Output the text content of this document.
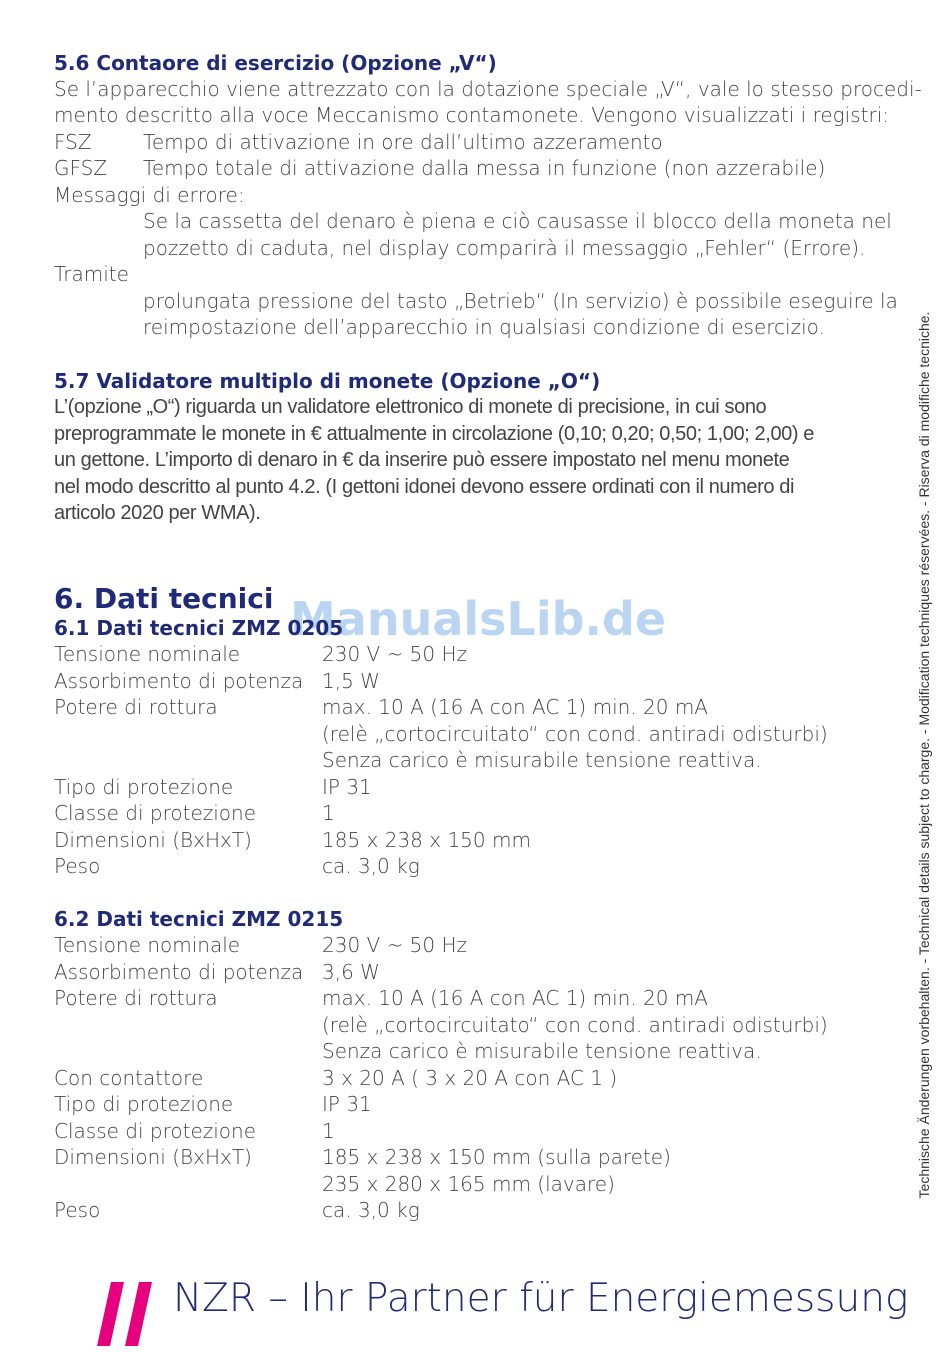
5.6 Contaore di esercizio (Opzione „V“)

Se l’apparecchio viene attrezzato con la dotazione speciale „V“, vale lo stesso procedi-

mento descritto alla voce Meccanismo contamonete. Vengono visualizzati i registri:

FSZ	Tempo di attivazione in ore dall’ultimo azzeramento

GFSZ Tempo totale di attivazione dalla messa in funzione (non azzerabile)

Messaggi di errore:

Se la cassetta del denaro è piena e ciò causasse il blocco della moneta nel

pozzetto di caduta, nel display comparirà il messaggio „Fehler“ (Errore).

Tramite

prolungata pressione del tasto „Betrieb“ (In servizio) è possibile eseguire la

reimpostazione dell’apparecchio in qualsiasi condizione di esercizio.

5.7 Validatore multiplo di monete (Opzione „O“)

L’(opzione „O“) riguarda un validatore elettronico di monete di precisione, in cui sono

preprogrammate le monete in € attualmente in circolazione (0,10; 0,20; 0,50; 1,00; 2,00) e

un gettone. L’importo di denaro in € da inserire può essere impostato nel menu monete

nel modo descritto al punto 4.2. (I gettoni idonei devono essere ordinati con il numero di

articolo 2020 per WMA).

6. Dati tecnici ManualsLib.de

6.1 Dati tecnici ZMZ 0205

Tensione nominale	230 V ~ 50 Hz

Assorbimento di potenza 1,5 W

Potere di rottura	max. 10 A (16 A con AC 1) min. 20 mA

(relè „cortocircuitato“ con cond. antiradi odisturbi)

Senza carico è misurabile tensione reattiva.

Tipo di protezione	IP 31

Classe di protezione	1

Dimensioni (BxHxT)	185 x 238 x 150 mm

Peso	ca. 3,0 kg

6.2 Dati tecnici ZMZ 0215

Tensione nominale	230 V ~ 50 Hz

Assorbimento di potenza 3,6 W

Potere di rottura	max. 10 A (16 A con AC 1) min. 20 mA

(relè „cortocircuitato“ con cond. antiradi odisturbi)

Senza carico è misurabile tensione reattiva.

Con contattore	3 x 20 A ( 3 x 20 A con AC 1 )

Tipo di protezione	IP 31

Classe di protezione	1

Dimensioni (BxHxT)	185 x 238 x 150 mm (sulla parete)

235 x 280 x 165 mm (lavare)

Peso	ca. 3,0 kg

Technische Änderungen vorbehalten. - Technical details subject to charge. - Modification techniques réservées. - Riserva di modifiche tecniche.

NZR – Ihr Partner für Energiemessung
